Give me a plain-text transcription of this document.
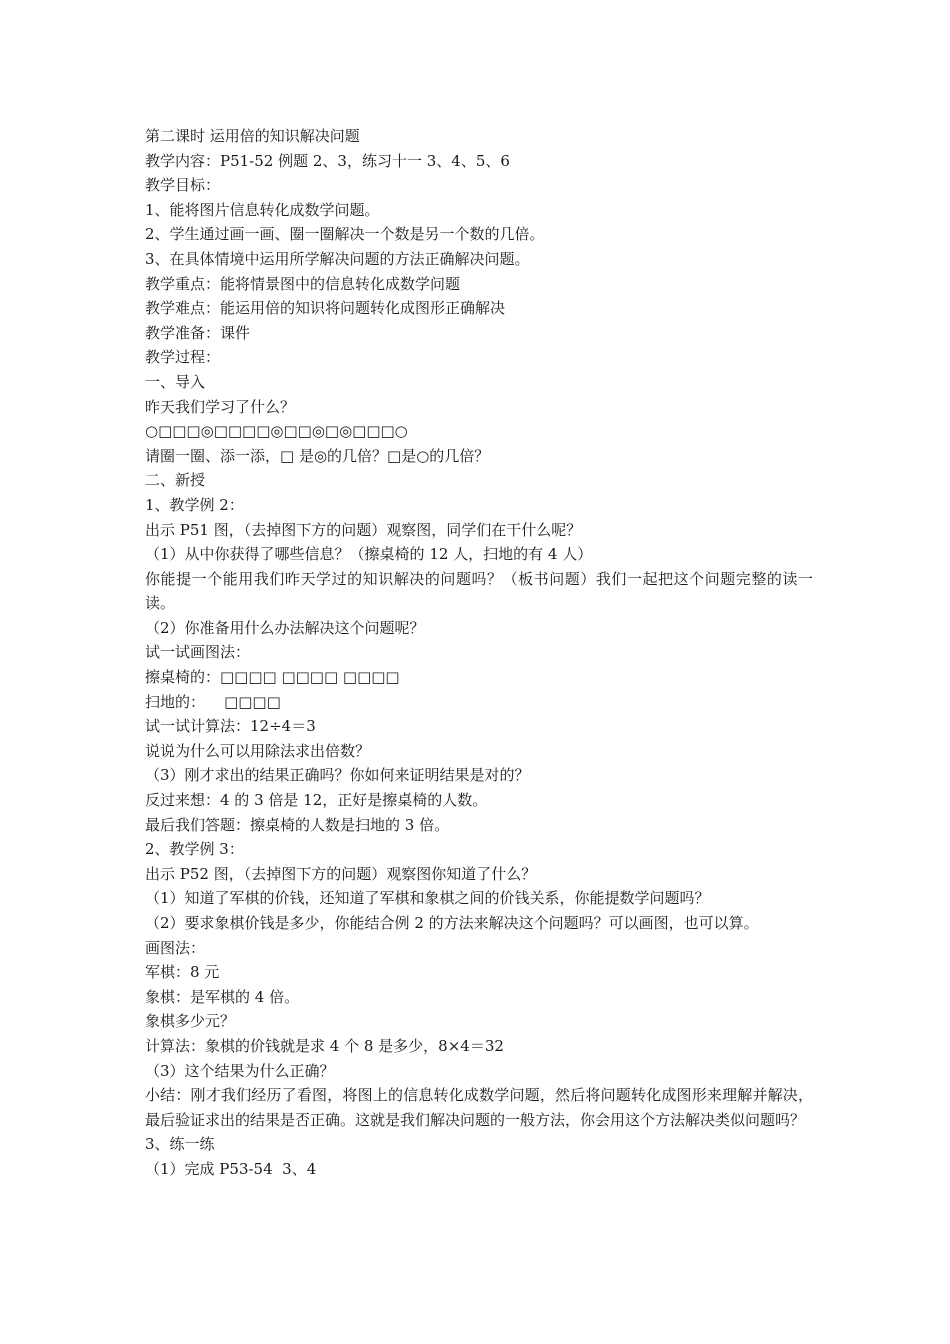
第二课时 运用倍的知识解决问题
教学内容：P51-52 例题 2、3，练习十一 3、4、5、6
教学目标：
1、能将图片信息转化成数学问题。
2、学生通过画一画、圈一圈解决一个数是另一个数的几倍。
3、在具体情境中运用所学解决问题的方法正确解决问题。
教学重点：能将情景图中的信息转化成数学问题
教学难点：能运用倍的知识将问题转化成图形正确解决
教学准备：课件
教学过程：
一、导入
昨天我们学习了什么？
○□□□◎□□□□◎□□◎□◎□□□○
请圈一圈、添一添，□ 是◎的几倍？□是○的几倍？
二、新授
1、教学例 2：
出示 P51 图，（去掉图下方的问题）观察图，同学们在干什么呢？
（1）从中你获得了哪些信息？（擦桌椅的 12 人，扫地的有 4 人）
你能提一个能用我们昨天学过的知识解决的问题吗？（板书问题）我们一起把这个问题完整的读一读。
（2）你准备用什么办法解决这个问题呢？
试一试画图法：
擦桌椅的：□□□□ □□□□ □□□□
扫地的：    □□□□
试一试计算法：12÷4＝3
说说为什么可以用除法求出倍数？
（3）刚才求出的结果正确吗？你如何来证明结果是对的？
反过来想：4 的 3 倍是 12，正好是擦桌椅的人数。
最后我们答题：擦桌椅的人数是扫地的 3 倍。
2、教学例 3：
出示 P52 图，（去掉图下方的问题）观察图你知道了什么？
（1）知道了军棋的价钱，还知道了军棋和象棋之间的价钱关系，你能提数学问题吗？
（2）要求象棋价钱是多少，你能结合例 2 的方法来解决这个问题吗？可以画图，也可以算。
画图法：
军棋：8 元
象棋：是军棋的 4 倍。
象棋多少元？
计算法：象棋的价钱就是求 4 个 8 是多少，8×4＝32
（3）这个结果为什么正确？
小结：刚才我们经历了看图，将图上的信息转化成数学问题，然后将问题转化成图形来理解并解决，最后验证求出的结果是否正确。这就是我们解决问题的一般方法，你会用这个方法解决类似问题吗？
3、练一练
（1）完成 P53-54  3、4
